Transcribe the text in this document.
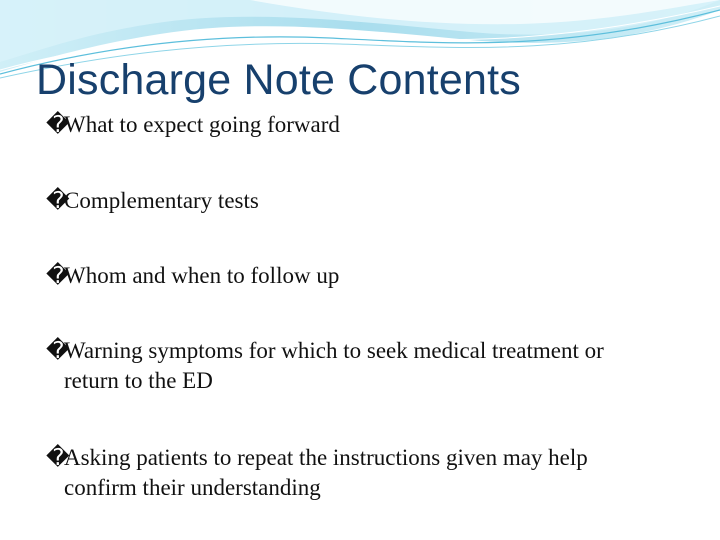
Discharge Note Contents
�
What to expect going forward
�
Complementary tests
�
Whom and when to follow up
�
Warning symptoms for which to seek medical treatment or return to the ED
�
Asking patients to repeat the instructions given may help confirm their understanding
